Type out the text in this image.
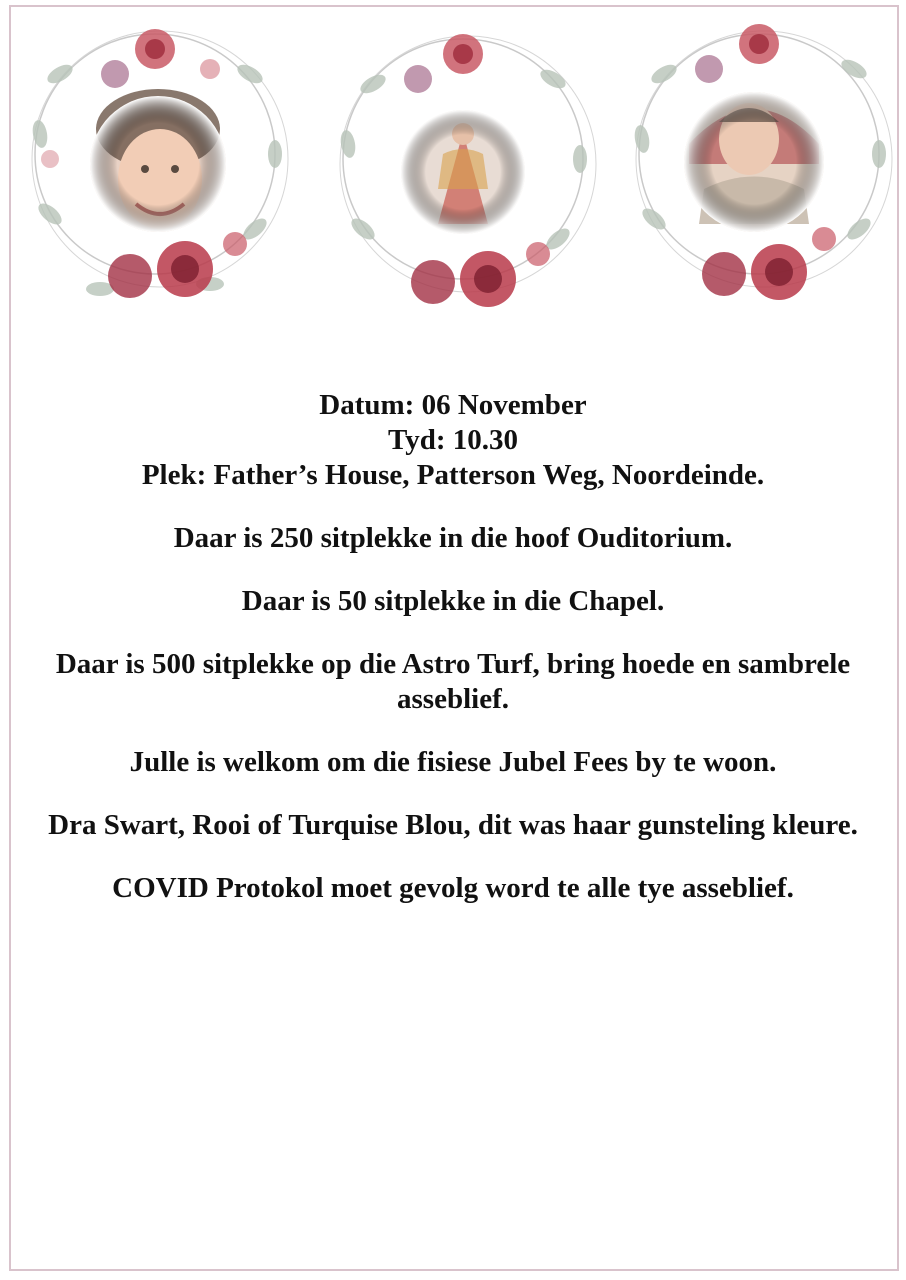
Datum: 06 November
Tyd: 10.30
Plek: Father’s House, Patterson Weg, Noordeinde.

Daar is 250 sitplekke in die hoof Ouditorium.

Daar is 50 sitplekke in die Chapel.

Daar is 500 sitplekke op die Astro Turf, bring hoede en sambrele asseblief.

Julle is welkom om die fisiese Jubel Fees by te woon.

Dra Swart, Rooi of Turquise Blou, dit was haar gunsteling kleure.

COVID Protokol moet gevolg word te alle tye asseblief.
